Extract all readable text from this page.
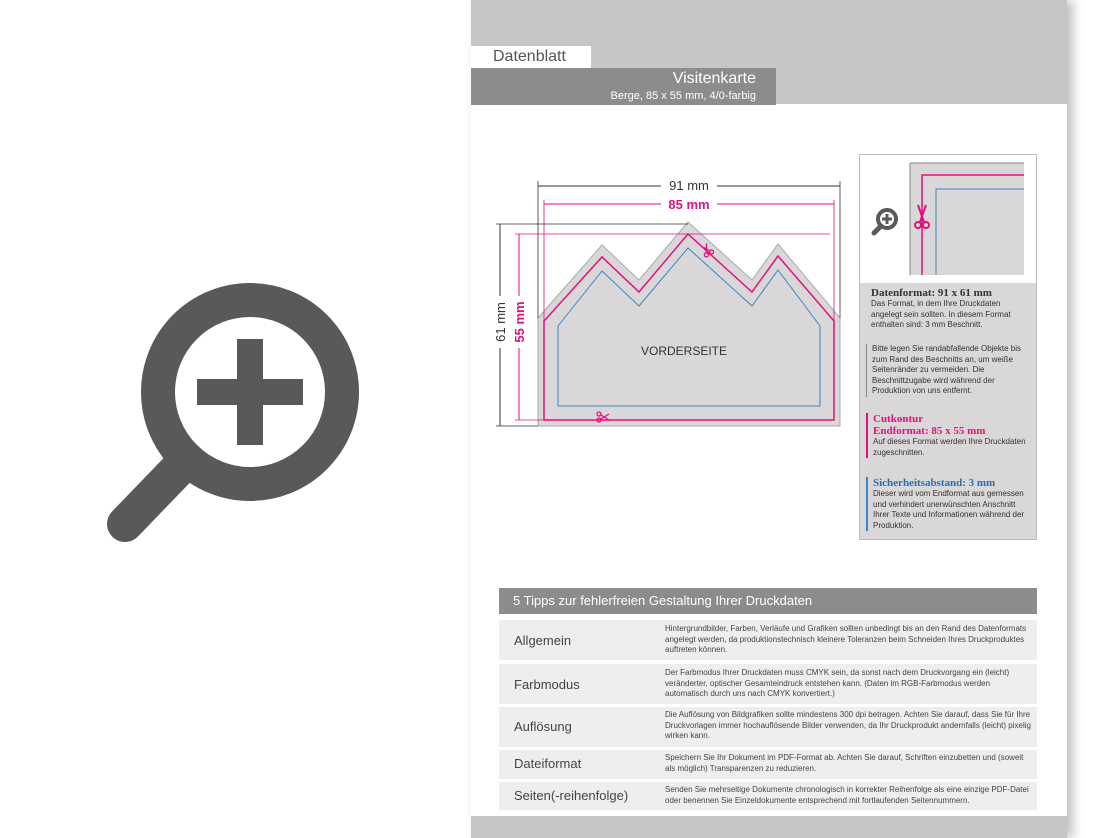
Datenblatt
Visitenkarte
Berge, 85 x 55 mm, 4/0-farbig
91 mm
85 mm
61 mm 55 mm
VORDERSEITE
Datenformat: 91 x 61 mm
Das Format, in dem Ihre Druckdaten angelegt sein sollten. In diesem Format enthalten sind: 3 mm Beschnitt.
Bitte legen Sie randabfallende Objekte bis zum Rand des Beschnitts an, um weiße Seitenränder zu vermeiden. Die Beschnittzugabe wird während der Produktion von uns entfernt.
Cutkontur
Endformat: 85 x 55 mm
Auf dieses Format werden Ihre Druckdaten zugeschnitten.
Sicherheitsabstand: 3 mm
Dieser wird vom Endformat aus gemessen und verhindert unerwünschten Anschnitt Ihrer Texte und Informationen während der Produktion.
5 Tipps zur fehlerfreien Gestaltung Ihrer Druckdaten
Allgemein
Hintergrundbilder, Farben, Verläufe und Grafiken sollten unbedingt bis an den Rand des Datenformats angelegt werden, da produktionstechnisch kleinere Toleranzen beim Schneiden Ihres Druckproduktes auftreten können.
Farbmodus
Der Farbmodus Ihrer Druckdaten muss CMYK sein, da sonst nach dem Druckvorgang ein (leicht) veränderter, optischer Gesamteindruck entstehen kann. (Daten im RGB-Farbmodus werden automatisch durch uns nach CMYK konvertiert.)
Auflösung
Die Auflösung von Bildgrafiken sollte mindestens 300 dpi betragen. Achten Sie darauf, dass Sie für Ihre Druckvorlagen immer hochauflösende Bilder verwenden, da Ihr Druckprodukt andernfalls (leicht) pixelig wirken kann.
Dateiformat	Speichern Sie Ihr Dokument im PDF-Format ab. Achten Sie darauf, Schriften einzubetten und (soweit als möglich) Transparenzen zu reduzieren.
Seiten(-reihenfolge)	Senden Sie mehrseitige Dokumente chronologisch in korrekter Reihenfolge als eine einzige PDF-Datei oder benennen Sie Einzeldokumente entsprechend mit fortlaufenden Seitennummern.
